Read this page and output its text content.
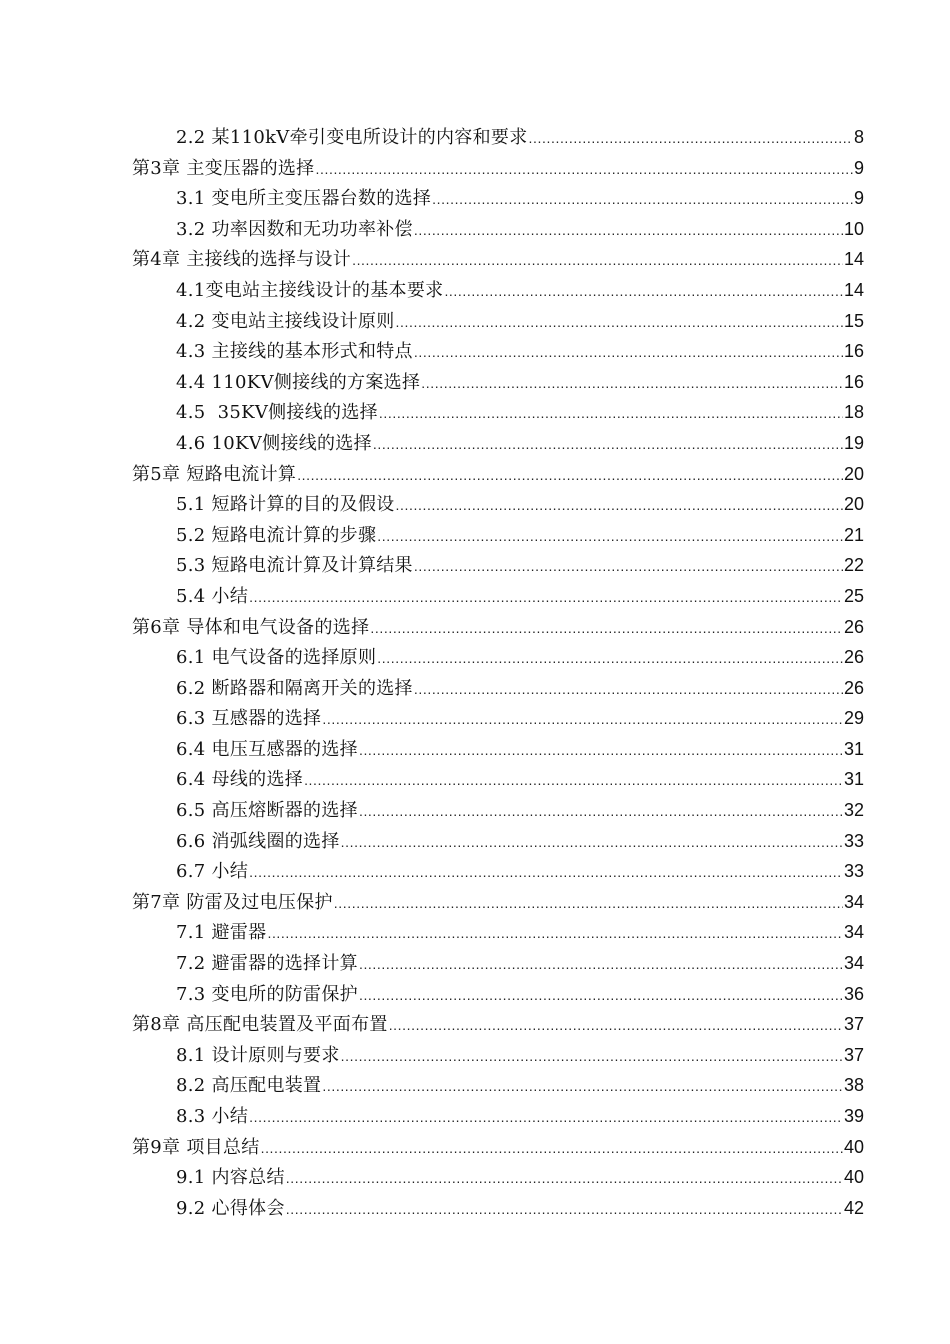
2.2 某110kV牵引变电所设计的内容和要求 .....	8
第3章 主变压器的选择 .....	9
3.1 变电所主变压器台数的选择 .....	9
3.2 功率因数和无功功率补偿 .....	10
第4章 主接线的选择与设计 .....	14
4.1变电站主接线设计的基本要求 .....	14
4.2 变电站主接线设计原则 .....	15
4.3 主接线的基本形式和特点 .....	16
4.4 110KV侧接线的方案选择 .....	16
4.5  35KV侧接线的选择 .....	18
4.6 10KV侧接线的选择 .....	19
第5章 短路电流计算 .....	20
5.1 短路计算的目的及假设 .....	20
5.2 短路电流计算的步骤 .....	21
5.3 短路电流计算及计算结果 .....	22
5.4 小结 .....	25
第6章 导体和电气设备的选择 .....	26
6.1 电气设备的选择原则 .....	26
6.2 断路器和隔离开关的选择 .....	26
6.3 互感器的选择 .....	29
6.4 电压互感器的选择 .....	31
6.4 母线的选择 .....	31
6.5 高压熔断器的选择 .....	32
6.6 消弧线圈的选择 .....	33
6.7 小结 .....	33
第7章 防雷及过电压保护 .....	34
7.1 避雷器 .....	34
7.2 避雷器的选择计算 .....	34
7.3 变电所的防雷保护 .....	36
第8章 高压配电装置及平面布置 .....	37
8.1 设计原则与要求 .....	37
8.2 高压配电装置 .....	38
8.3 小结 .....	39
第9章 项目总结 .....	40
9.1 内容总结 .....	40
9.2 心得体会 .....	42
